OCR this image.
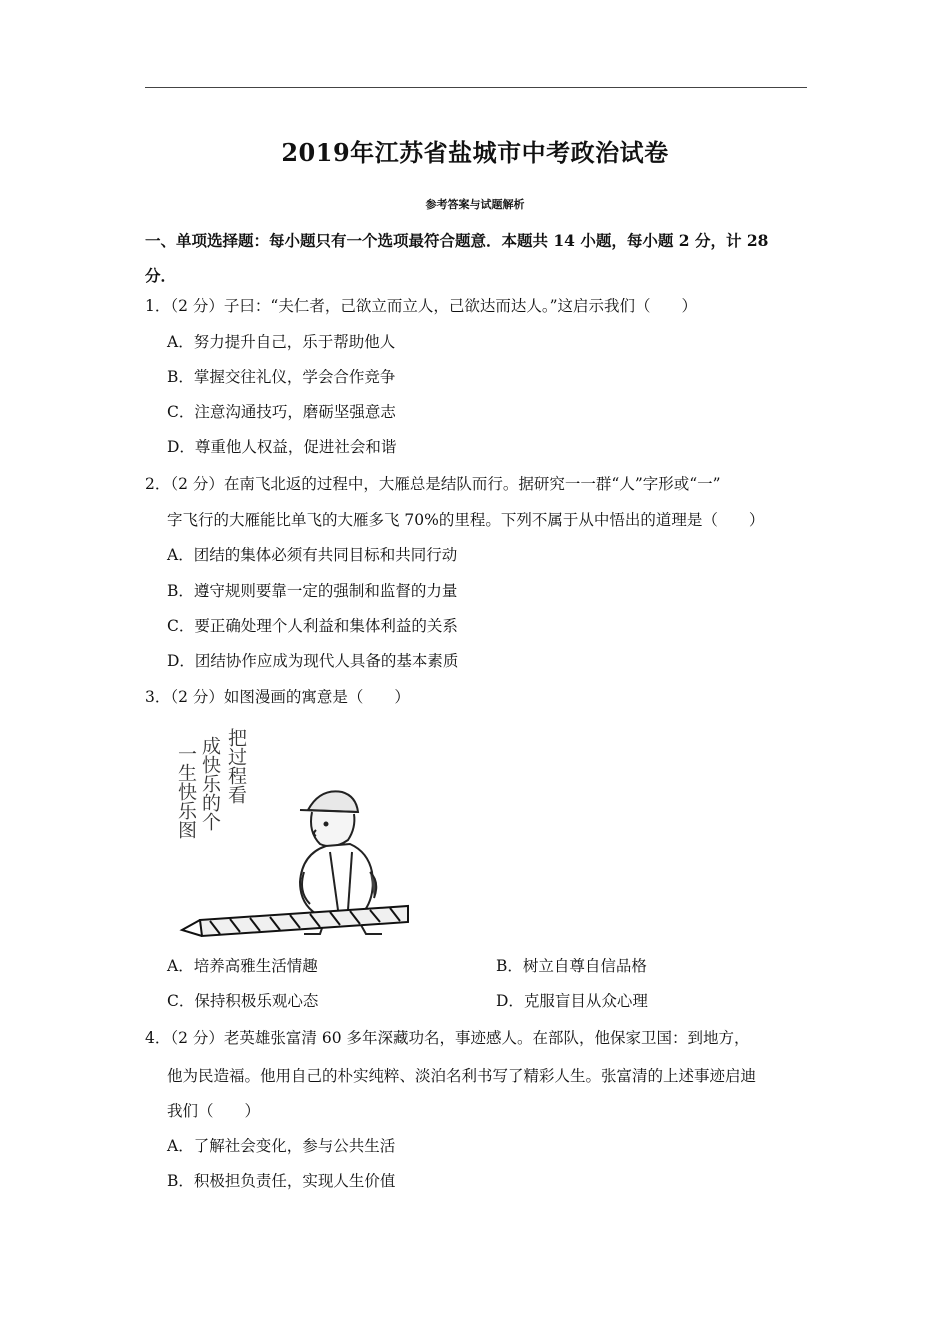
2019年江苏省盐城市中考政治试卷
参考答案与试题解析
一、单项选择题：每小题只有一个选项最符合题意．本题共 14 小题，每小题 2 分，计 28
分．
1．（2 分）子曰：“夫仁者，己欲立而立人，己欲达而达人。”这启示我们（　　）
A．努力提升自己，乐于帮助他人
B．掌握交往礼仪，学会合作竞争
C．注意沟通技巧，磨砺坚强意志
D．尊重他人权益，促进社会和谐
2．（2 分）在南飞北返的过程中，大雁总是结队而行。据研究一一群“人”字形或“一”
字飞行的大雁能比单飞的大雁多飞 70%的里程。下列不属于从中悟出的道理是（　　）
A．团结的集体必须有共同目标和共同行动
B．遵守规则要靠一定的强制和监督的力量
C．要正确处理个人利益和集体利益的关系
D．团结协作应成为现代人具备的基本素质
3．（2 分）如图漫画的寓意是（　　）
一生快乐图 成快乐的个 把过程看
A．培养高雅生活情趣	B．树立自尊自信品格
C．保持积极乐观心态	D．克服盲目从众心理
4．（2 分）老英雄张富清 60 多年深藏功名，事迹感人。在部队，他保家卫国：到地方，
他为民造福。他用自己的朴实纯粹、淡泊名利书写了精彩人生。张富清的上述事迹启迪
我们（　　）
A．了解社会变化，参与公共生活
B．积极担负责任，实现人生价值
